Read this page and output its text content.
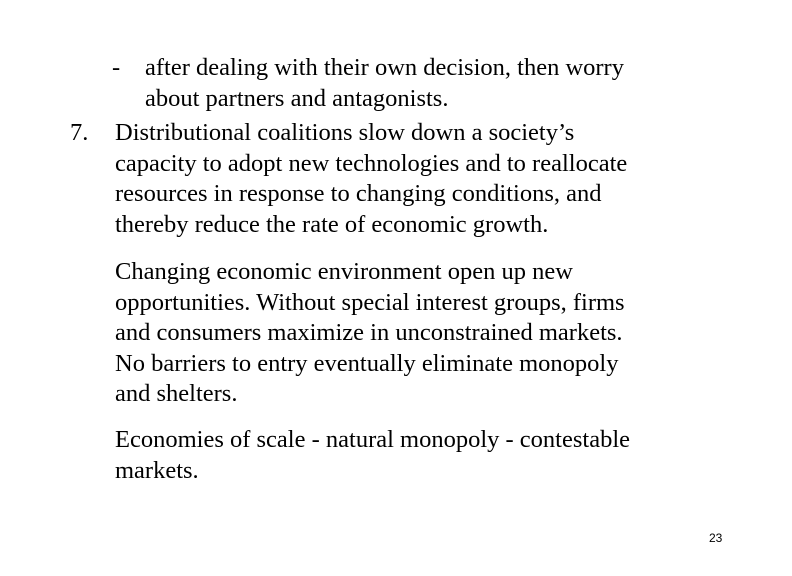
- after dealing with their own decision, then worry
about partners and antagonists.
7. Distributional coalitions slow down a society’s
capacity to adopt new technologies and to reallocate
resources in response to changing conditions, and
thereby reduce the rate of economic growth.
Changing economic environment open up new
opportunities. Without special interest groups, firms
and consumers maximize in unconstrained markets.
No barriers to entry eventually eliminate monopoly
and shelters.
Economies of scale - natural monopoly - contestable
markets.
23
